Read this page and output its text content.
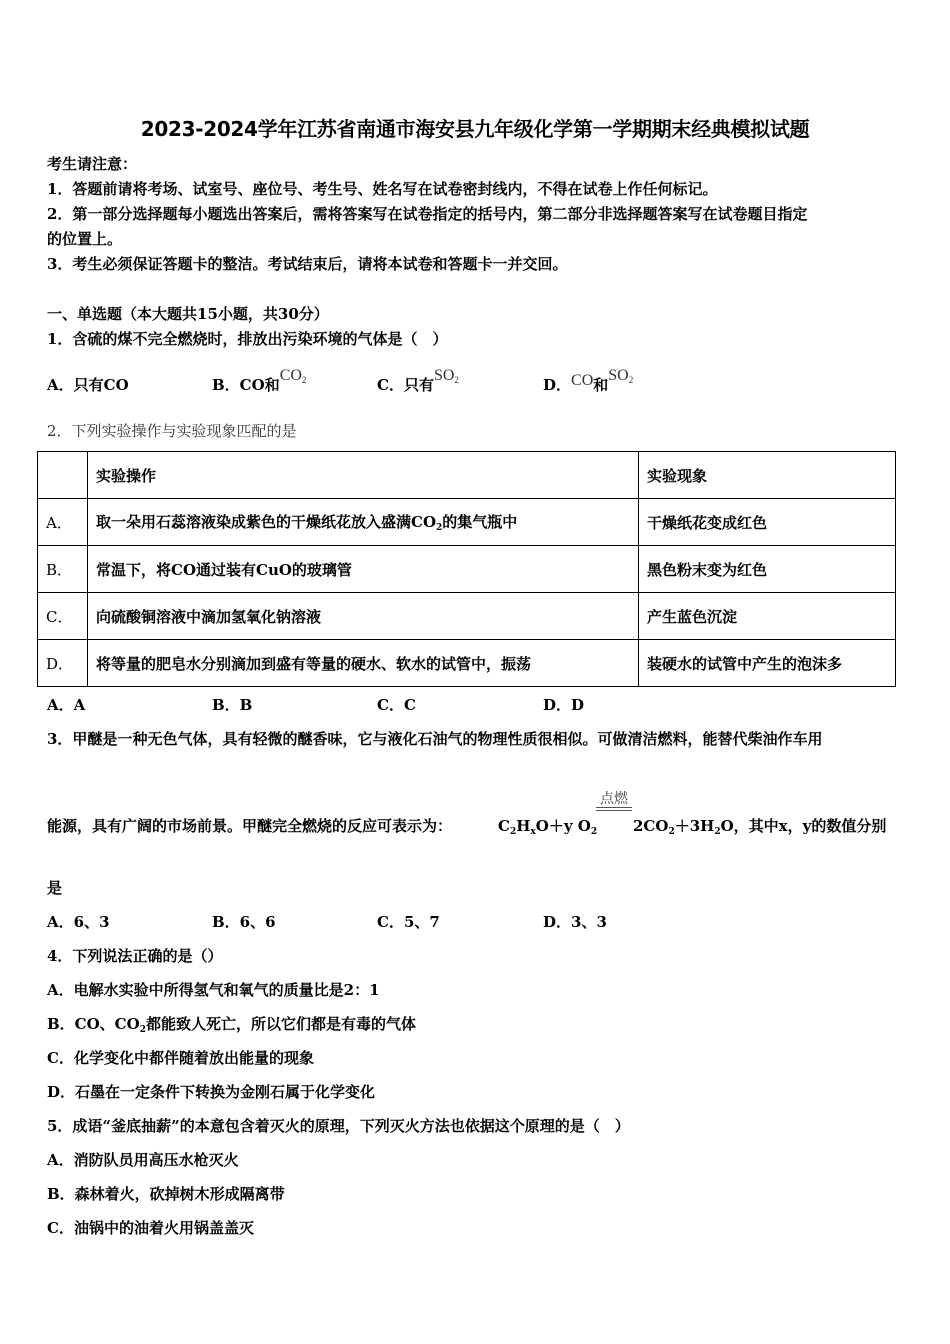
2023-2024学年江苏省南通市海安县九年级化学第一学期期末经典模拟试题
考生请注意：
1．答题前请将考场、试室号、座位号、考生号、姓名写在试卷密封线内，不得在试卷上作任何标记。
2．第一部分选择题每小题选出答案后，需将答案写在试卷指定的括号内，第二部分非选择题答案写在试卷题目指定
的位置上。
3．考生必须保证答题卡的整洁。考试结束后，请将本试卷和答题卡一并交回。
一、单选题（本大题共15小题，共30分）
1．含硫的煤不完全燃烧时，排放出污染环境的气体是（　）
A．只有CO	B．CO和$CO_2$	C．只有$SO_2$	D．CO和$SO_2$
2．下列实验操作与实验现象匹配的是
	实验操作	实验现象
A．	取一朵用石蕊溶液染成紫色的干燥纸花放入盛满$CO_2$的集气瓶中	干燥纸花变成红色
B．	常温下，将CO通过装有CuO的玻璃管	黑色粉末变为红色
C．	向硫酸铜溶液中滴加氢氧化钠溶液	产生蓝色沉淀
D．	将等量的肥皂水分别滴加到盛有等量的硬水、软水的试管中，振荡	装硬水的试管中产生的泡沫多
A．A	B．B	C．C	D．D
3．甲醚是一种无色气体，具有轻微的醚香味，它与液化石油气的物理性质很相似。可做清洁燃料，能替代柴油作车用
点燃
能源，具有广阔的市场前景。甲醚完全燃烧的反应可表示为：	$C_2H_xO+y$ $O_2$ $2CO_2+3H_2O$，其中x，y的数值分别
是
A．6、3	B．6、6	C．5、7	D．3、3
4．下列说法正确的是（）
A．电解水实验中所得氢气和氧气的质量比是2：1
B．CO、$CO_2$都能致人死亡，所以它们都是有毒的气体
C．化学变化中都伴随着放出能量的现象
D．石墨在一定条件下转换为金刚石属于化学变化
5．成语“釜底抽薪”的本意包含着灭火的原理，下列灭火方法也依据这个原理的是（　）
A．消防队员用高压水枪灭火
B．森林着火，砍掉树木形成隔离带
C．油锅中的油着火用锅盖盖灭
